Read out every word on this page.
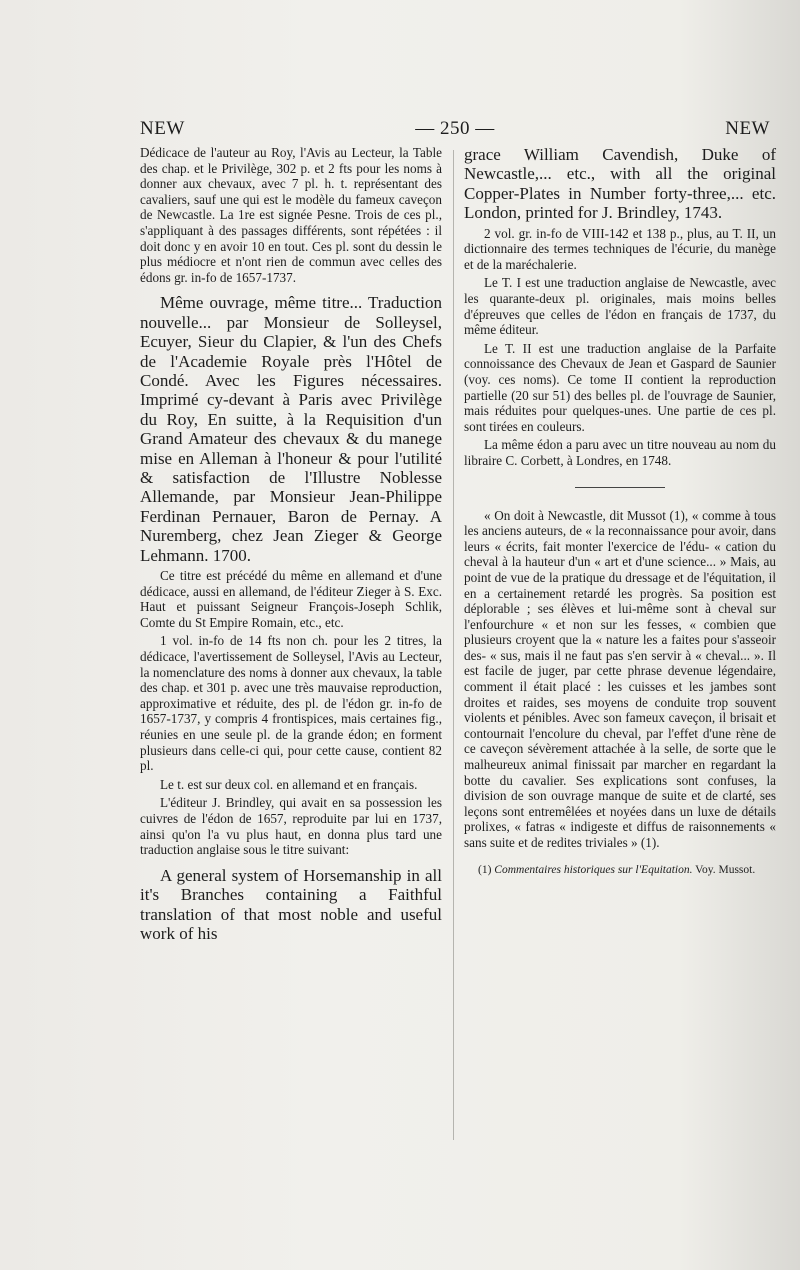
NEW	— 250 —	NEW

Dédicace de l'auteur au Roy, l'Avis au Lecteur, la Table des chap. et le Privilège, 302 p. et 2 fts pour les noms à donner aux chevaux, avec 7 pl. h. t. représentant des cavaliers, sauf une qui est le modèle du fameux caveçon de Newcastle. La 1re est signée Pesne. Trois de ces pl., s'appliquant à des passages différents, sont répétées : il doit donc y en avoir 10 en tout. Ces pl. sont du dessin le plus médiocre et n'ont rien de commun avec celles des édons gr. in-fo de 1657-1737.

Même ouvrage, même titre... Traduction nouvelle... par Monsieur de Solleysel, Ecuyer, Sieur du Clapier, & l'un des Chefs de l'Academie Royale près l'Hôtel de Condé. Avec les Figures nécessaires. Imprimé cy-devant à Paris avec Privilège du Roy, En suitte, à la Requisition d'un Grand Amateur des chevaux & du manege mise en Alleman à l'honeur & pour l'utilité & satisfaction de l'Illustre Noblesse Allemande, par Monsieur Jean-Philippe Ferdinan Pernauer, Baron de Pernay. A Nuremberg, chez Jean Zieger & George Lehmann. 1700.

Ce titre est précédé du même en allemand et d'une dédicace, aussi en allemand, de l'éditeur Zieger à S. Exc. Haut et puissant Seigneur François-Joseph Schlik, Comte du St Empire Romain, etc., etc.

1 vol. in-fo de 14 fts non ch. pour les 2 titres, la dédicace, l'avertissement de Solleysel, l'Avis au Lecteur, la nomenclature des noms à donner aux chevaux, la table des chap. et 301 p. avec une très mauvaise reproduction, approximative et réduite, des pl. de l'édon gr. in-fo de 1657-1737, y compris 4 frontispices, mais certaines fig., réunies en une seule pl. de la grande édon; en forment plusieurs dans celle-ci qui, pour cette cause, contient 82 pl.

Le t. est sur deux col. en allemand et en français.

L'éditeur J. Brindley, qui avait en sa possession les cuivres de l'édon de 1657, reproduite par lui en 1737, ainsi qu'on l'a vu plus haut, en donna plus tard une traduction anglaise sous le titre suivant:

A general system of Horsemanship in all it's Branches containing a Faithful translation of that most noble and useful work of his

grace William Cavendish, Duke of Newcastle,... etc., with all the original Copper-Plates in Number forty-three,... etc. London, printed for J. Brindley, 1743.

2 vol. gr. in-fo de VIII-142 et 138 p., plus, au T. II, un dictionnaire des termes techniques de l'écurie, du manège et de la maréchalerie.

Le T. I est une traduction anglaise de Newcastle, avec les quarante-deux pl. originales, mais moins belles d'épreuves que celles de l'édon en français de 1737, du même éditeur.

Le T. II est une traduction anglaise de la Parfaite connoissance des Chevaux de Jean et Gaspard de Saunier (voy. ces noms). Ce tome II contient la reproduction partielle (20 sur 51) des belles pl. de l'ouvrage de Saunier, mais réduites pour quelques-unes. Une partie de ces pl. sont tirées en couleurs.

La même édon a paru avec un titre nouveau au nom du libraire C. Corbett, à Londres, en 1748.

« On doit à Newcastle, dit Mussot (1), « comme à tous les anciens auteurs, de « la reconnaissance pour avoir, dans leurs « écrits, fait monter l'exercice de l'édu- « cation du cheval à la hauteur d'un « art et d'une science... » Mais, au point de vue de la pratique du dressage et de l'équitation, il en a certainement retardé les progrès. Sa position est déplorable ; ses élèves et lui-même sont à cheval sur l'enfourchure « et non sur les fesses, « combien que plusieurs croyent que la « nature les a faites pour s'asseoir des- « sus, mais il ne faut pas s'en servir à « cheval... ». Il est facile de juger, par cette phrase devenue légendaire, comment il était placé : les cuisses et les jambes sont droites et raides, ses moyens de conduite trop souvent violents et pénibles. Avec son fameux caveçon, il brisait et contournait l'encolure du cheval, par l'effet d'une rène de ce caveçon sévèrement attachée à la selle, de sorte que le malheureux animal finissait par marcher en regardant la botte du cavalier. Ses explications sont confuses, la division de son ouvrage manque de suite et de clarté, ses leçons sont entremêlées et noyées dans un luxe de détails prolixes, « fatras « indigeste et diffus de raisonnements « sans suite et de redites triviales » (1).

(1) Commentaires historiques sur l'Equitation. Voy. Mussot.
